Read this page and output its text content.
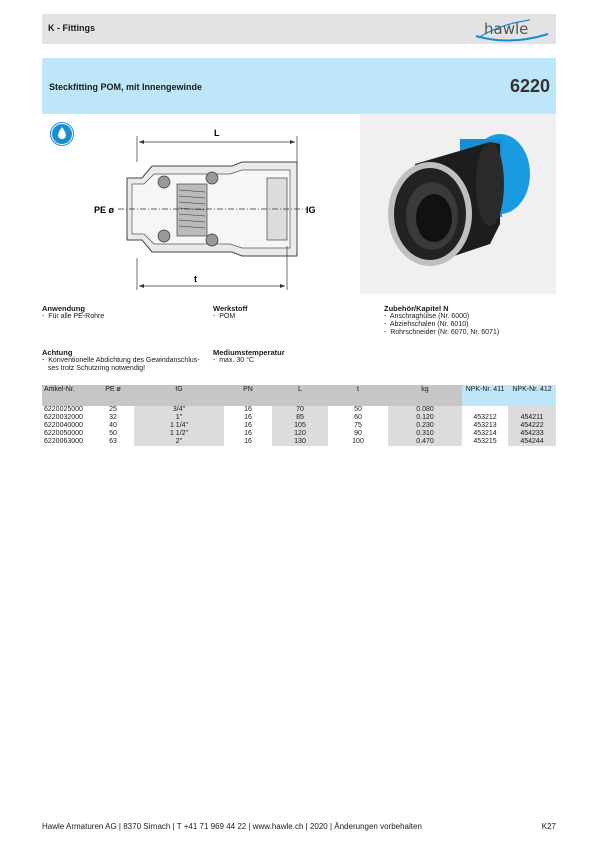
K - Fittings	hawle
Steckfitting POM, mit Innengewinde	6220
L
PE ø	IG
t
Anwendung
-  Für alle PE-Rohre
Werkstoff
-  POM
Zubehör/Kapitel N
-  Anschraghülse (Nr. 6000)
-  Abziehschalen (Nr. 6010)
-  Rohrschneider (Nr. 6070, Nr. 6071)
Achtung
-  Konventionelle Abdichtung des Gewindanschlus-
ses trotz Schutzring notwendig!
Mediumstemperatur
-  max. 30 °C
Artikel-Nr.	PE ø	IG	PN	L	t	kg	NPK-Nr. 411	NPK-Nr. 412
6220025000	25	3/4"	16	70	50	0.080		
6220032000	32	1"	16	85	60	0.120	453212	454211
6220040000	40	1 1/4"	16	105	75	0.230	453213	454222
6220050000	50	1 1/2"	16	120	90	0.310	453214	454233
6220063000	63	2"	16	130	100	0.470	453215	454244
Hawle Armaturen AG | 8370 Sirnach | T +41 71 969 44 22 | www.hawle.ch | 2020 | Änderungen vorbehalten	K27
